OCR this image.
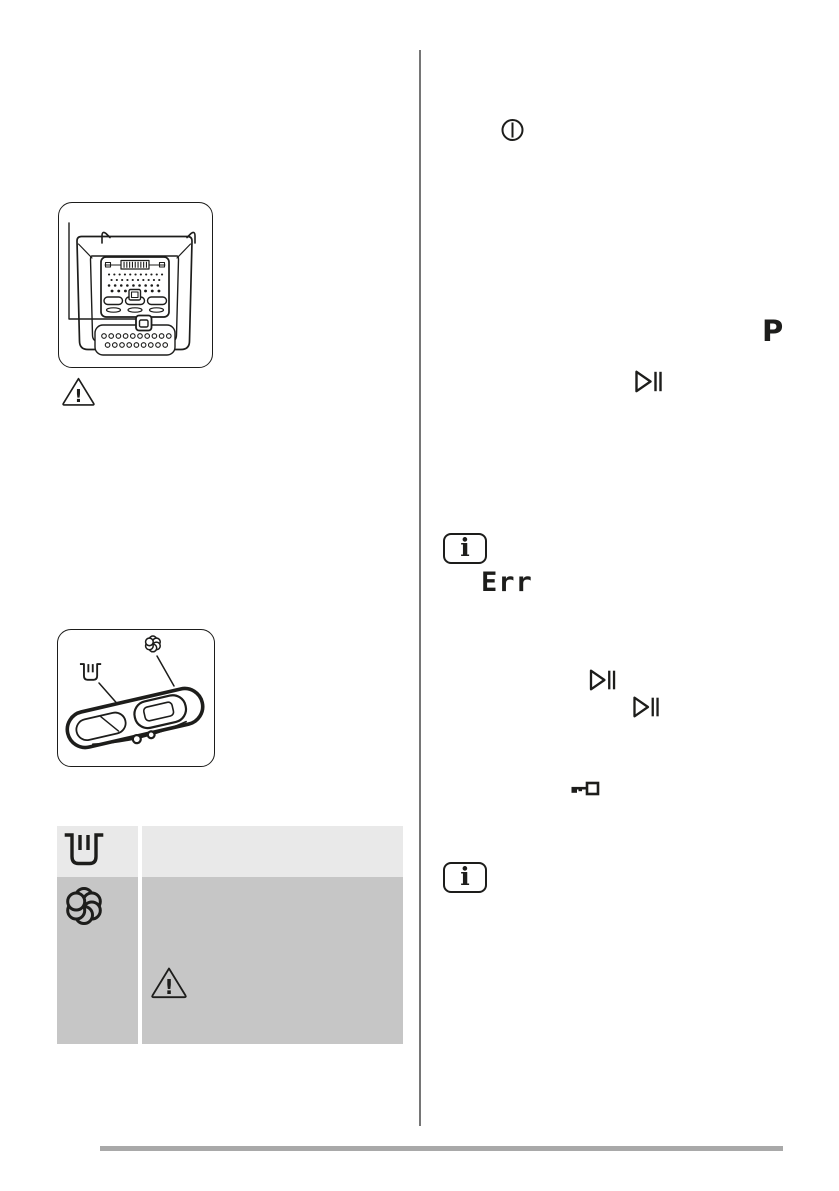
!
!
P
i
Err
i
